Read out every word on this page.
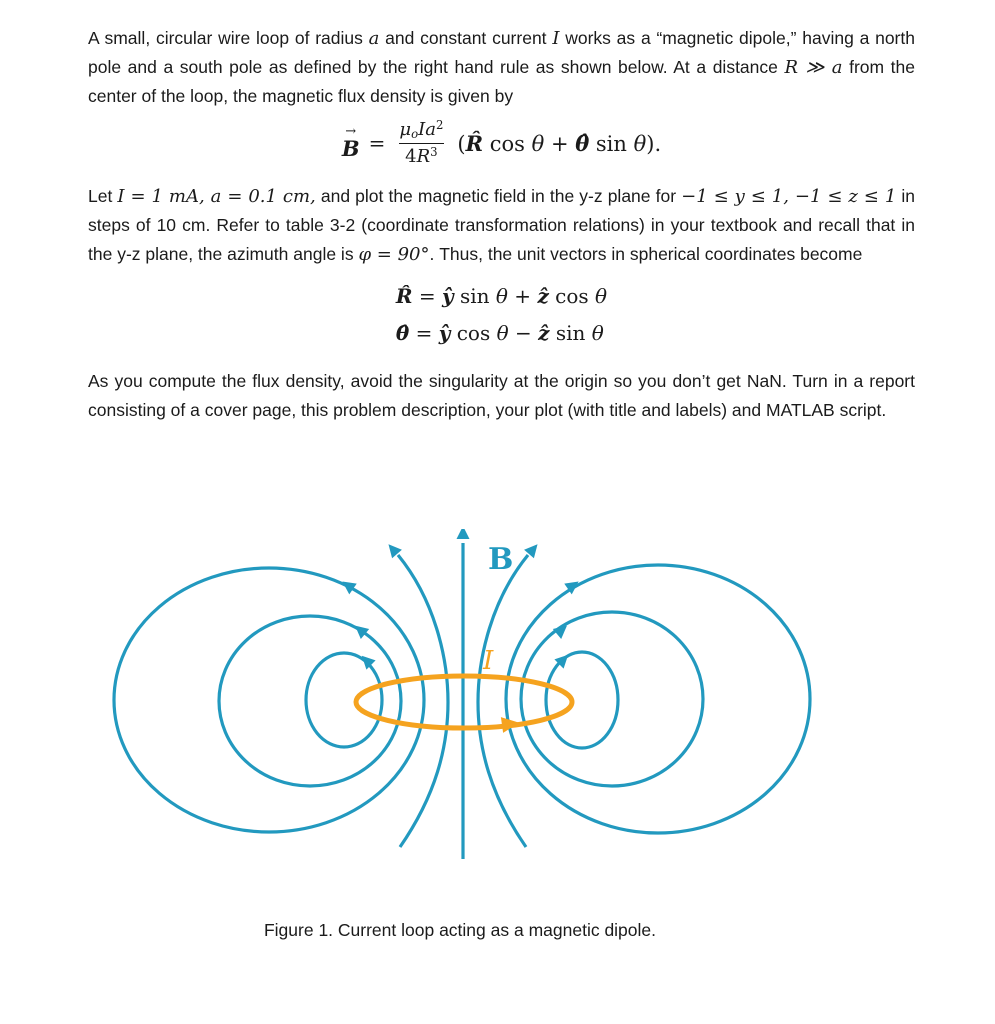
A small, circular wire loop of radius a and constant current I works as a “magnetic dipole,” having a north pole and a south pole as defined by the right hand rule as shown below. At a distance R ≫ a from the center of the loop, the magnetic flux density is given by

→
$B = \frac{\mu oIa^2}{4R^3}$ (R̂ cos θ + θ̂ sin θ).

Let I = 1 mA, a = 0.1 cm, and plot the magnetic field in the y-z plane for −1 ≤ y ≤ 1, −1 ≤ z ≤ 1 in steps of 10 cm. Refer to table 3-2 (coordinate transformation relations) in your textbook and recall that in the y-z plane, the azimuth angle is φ = 90°. Thus, the unit vectors in spherical coordinates become

R̂ = ŷ sin θ + ẑ cos θ
θ̂ = ŷ cos θ − ẑ sin θ

As you compute the flux density, avoid the singularity at the origin so you don’t get NaN. Turn in a report consisting of a cover page, this problem description, your plot (with title and labels) and MATLAB script.

B
I
Figure 1. Current loop acting as a magnetic dipole.
